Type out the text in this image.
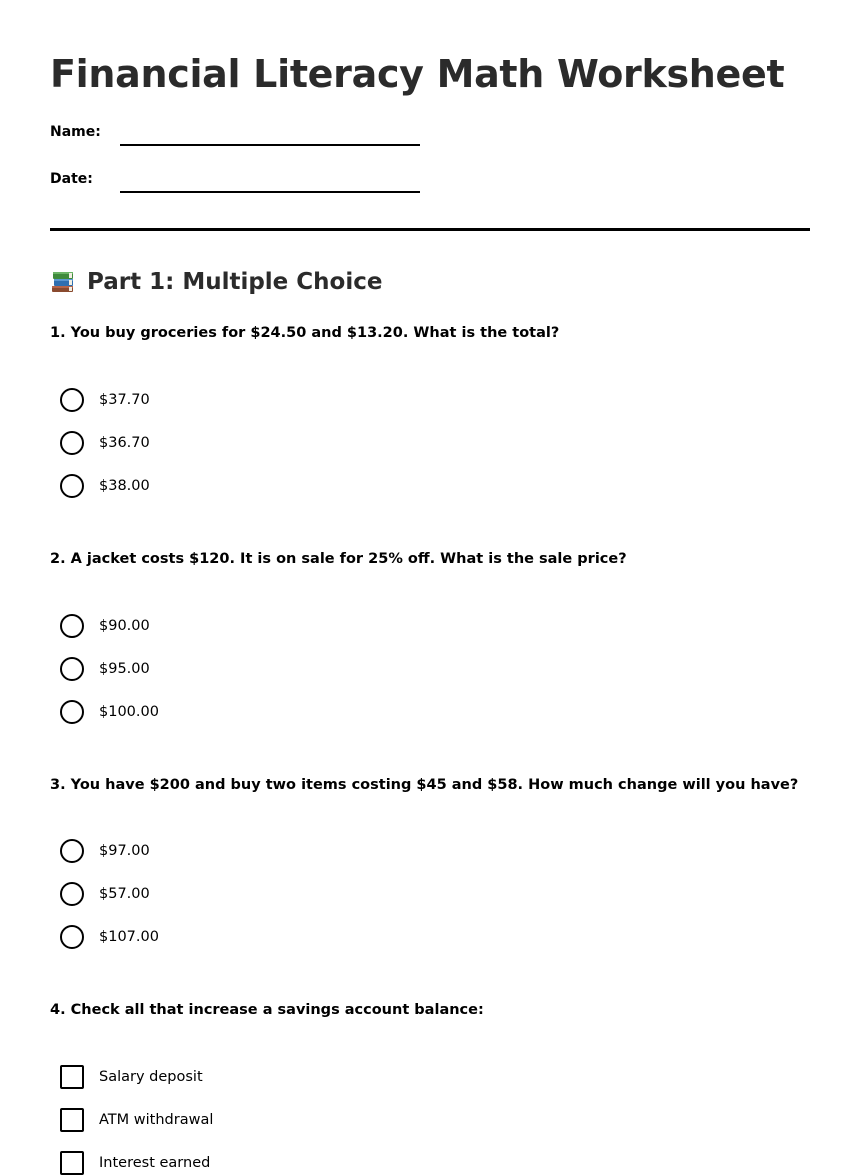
Financial Literacy Math Worksheet
Name:
Date:
Part 1: Multiple Choice
1. You buy groceries for $24.50 and $13.20. What is the total?
$37.70
$36.70
$38.00
2. A jacket costs $120. It is on sale for 25% off. What is the sale price?
$90.00
$95.00
$100.00
3. You have $200 and buy two items costing $45 and $58. How much change will you have?
$97.00
$57.00
$107.00
4. Check all that increase a savings account balance:
Salary deposit
ATM withdrawal
Interest earned
